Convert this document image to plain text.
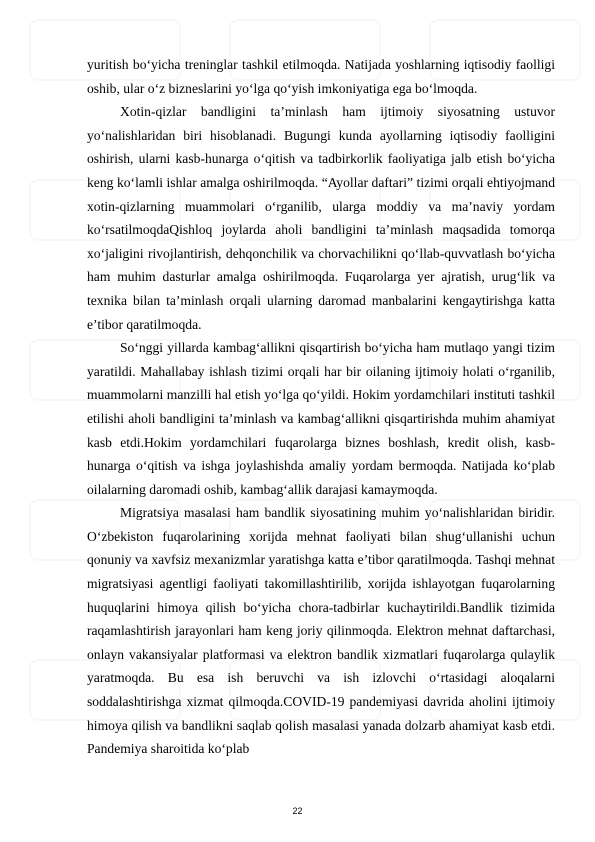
yuritish bo‘yicha treninglar tashkil etilmoqda. Natijada yoshlarning iqtisodiy faolligi oshib, ular o‘z bizneslarini yo‘lga qo‘yish imkoniyatiga ega bo‘lmoqda.

Xotin-qizlar bandligini ta’minlash ham ijtimoiy siyosatning ustuvor yo‘nalishlaridan biri hisoblanadi. Bugungi kunda ayollarning iqtisodiy faolligini oshirish, ularni kasb-hunarga o‘qitish va tadbirkorlik faoliyatiga jalb etish bo‘yicha keng ko‘lamli ishlar amalga oshirilmoqda. “Ayollar daftari” tizimi orqali ehtiyojmand xotin-qizlarning muammolari o‘rganilib, ularga moddiy va ma’naviy yordam ko‘rsatilmoqdaQishloq joylarda aholi bandligini ta’minlash maqsadida tomorqa xo‘jaligini rivojlantirish, dehqonchilik va chorvachilikni qo‘llab-quvvatlash bo‘yicha ham muhim dasturlar amalga oshirilmoqda. Fuqarolarga yer ajratish, urug‘lik va texnika bilan ta’minlash orqali ularning daromad manbalarini kengaytirishga katta e’tibor qaratilmoqda.

So‘nggi yillarda kambag‘allikni qisqartirish bo‘yicha ham mutlaqo yangi tizim yaratildi. Mahallabay ishlash tizimi orqali har bir oilaning ijtimoiy holati o‘rganilib, muammolarni manzilli hal etish yo‘lga qo‘yildi. Hokim yordamchilari instituti tashkil etilishi aholi bandligini ta’minlash va kambag‘allikni qisqartirishda muhim ahamiyat kasb etdi.Hokim yordamchilari fuqarolarga biznes boshlash, kredit olish, kasb-hunarga o‘qitish va ishga joylashishda amaliy yordam bermoqda. Natijada ko‘plab oilalarning daromadi oshib, kambag‘allik darajasi kamaymoqda.

Migratsiya masalasi ham bandlik siyosatining muhim yo‘nalishlaridan biridir. O‘zbekiston fuqarolarining xorijda mehnat faoliyati bilan shug‘ullanishi uchun qonuniy va xavfsiz mexanizmlar yaratishga katta e’tibor qaratilmoqda. Tashqi mehnat migratsiyasi agentligi faoliyati takomillashtirilib, xorijda ishlayotgan fuqarolarning huquqlarini himoya qilish bo‘yicha chora-tadbirlar kuchaytirildi.Bandlik tizimida raqamlashtirish jarayonlari ham keng joriy qilinmoqda. Elektron mehnat daftarchasi, onlayn vakansiyalar platformasi va elektron bandlik xizmatlari fuqarolarga qulaylik yaratmoqda. Bu esa ish beruvchi va ish izlovchi o‘rtasidagi aloqalarni soddalashtirishga xizmat qilmoqda.COVID-19 pandemiyasi davrida aholini ijtimoiy himoya qilish va bandlikni saqlab qolish masalasi yanada dolzarb ahamiyat kasb etdi. Pandemiya sharoitida ko‘plab

22
